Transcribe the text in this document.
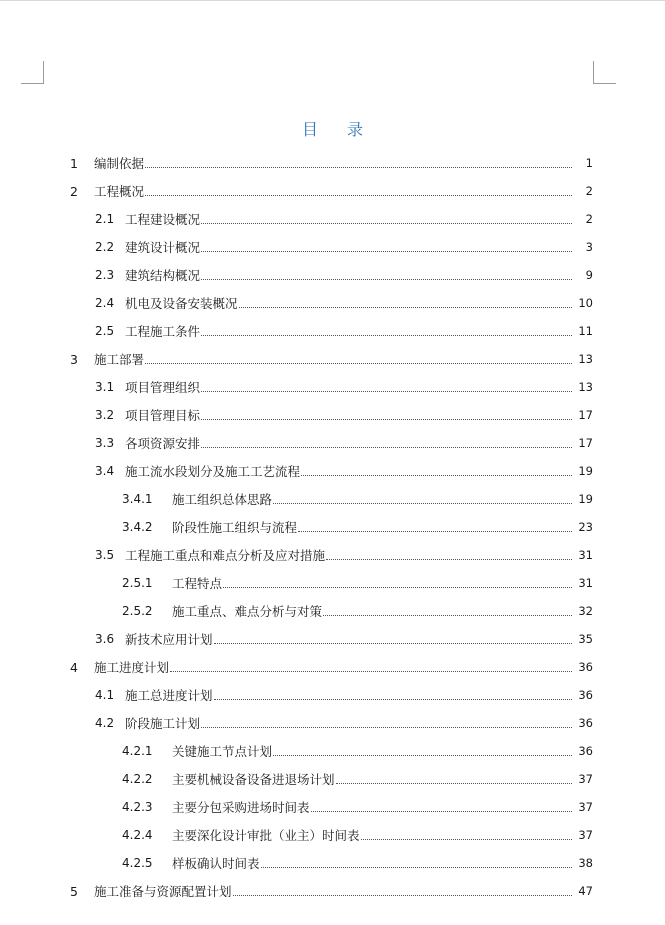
目 录
1	编制依据	1
2	工程概况	2
2.1 工程建设概况	2
2.2 建筑设计概况	3
2.3 建筑结构概况	9
2.4 机电及设备安装概况	10
2.5 工程施工条件	11
3	施工部署	13
3.1 项目管理组织	13
3.2 项目管理目标	17
3.3 各项资源安排	17
3.4 施工流水段划分及施工工艺流程	19
3.4.1	施工组织总体思路	19
3.4.2	阶段性施工组织与流程	23
3.5 工程施工重点和难点分析及应对措施	31
2.5.1	工程特点	31
2.5.2	施工重点、难点分析与对策	32
3.6 新技术应用计划	35
4	施工进度计划	36
4.1 施工总进度计划	36
4.2 阶段施工计划	36
4.2.1	关键施工节点计划	36
4.2.2	主要机械设备设备进退场计划	37
4.2.3	主要分包采购进场时间表	37
4.2.4	主要深化设计审批（业主）时间表	37
4.2.5	样板确认时间表	38
5	施工准备与资源配置计划	47
